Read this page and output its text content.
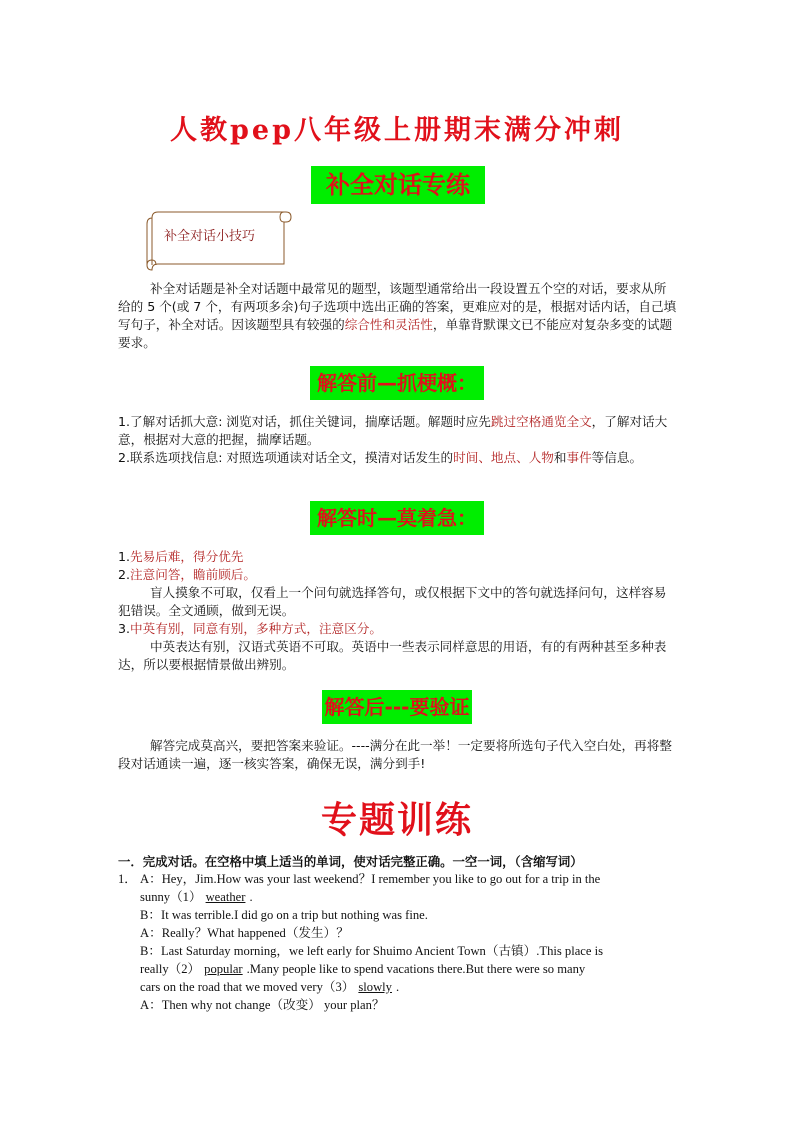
人教pep八年级上册期末满分冲刺
补全对话专练
补全对话小技巧
补全对话题是补全对话题中最常见的题型，该题型通常给出一段设置五个空的对话，要求从所给的 5 个(或 7 个，有两项多余)句子选项中选出正确的答案，更难应对的是，根据对话内话，自己填写句子，补全对话。因该题型具有较强的综合性和灵活性，单靠背默课文已不能应对复杂多变的试题要求。
解答前—抓梗概：
1.了解对话抓大意: 浏览对话，抓住关键词，揣摩话题。解题时应先跳过空格通览全文，了解对话大意，根据对大意的把握，揣摩话题。
2.联系选项找信息: 对照选项通读对话全文，摸清对话发生的时间、地点、人物和事件等信息。
解答时—莫着急：
1.先易后难，得分优先
2.注意问答，瞻前顾后。
盲人摸象不可取，仅看上一个问句就选择答句，或仅根据下文中的答句就选择问句，这样容易犯错误。全文通顾，做到无误。
3.中英有别，同意有别，多种方式，注意区分。
中英表达有别，汉语式英语不可取。英语中一些表示同样意思的用语，有的有两种甚至多种表达，所以要根据情景做出辨别。
解答后---要验证
解答完成莫高兴，要把答案来验证。----满分在此一举！一定要将所选句子代入空白处，再将整段对话通读一遍，逐一核实答案，确保无误，满分到手!
专题训练
一．完成对话。在空格中填上适当的单词，使对话完整正确。一空一词，（含缩写词）
1． A：Hey，Jim.How was your last weekend？I remember you like to go out for a trip in the
sunny（1） weather .
B：It was terrible.I did go on a trip but nothing was fine.
A：Really？What happened（发生）？
B：Last Saturday morning，we left early for Shuimo Ancient Town（古镇）.This place is
really（2） popular .Many people like to spend vacations there.But there were so many
cars on the road that we moved very（3） slowly .
A：Then why not change（改变） your plan？
